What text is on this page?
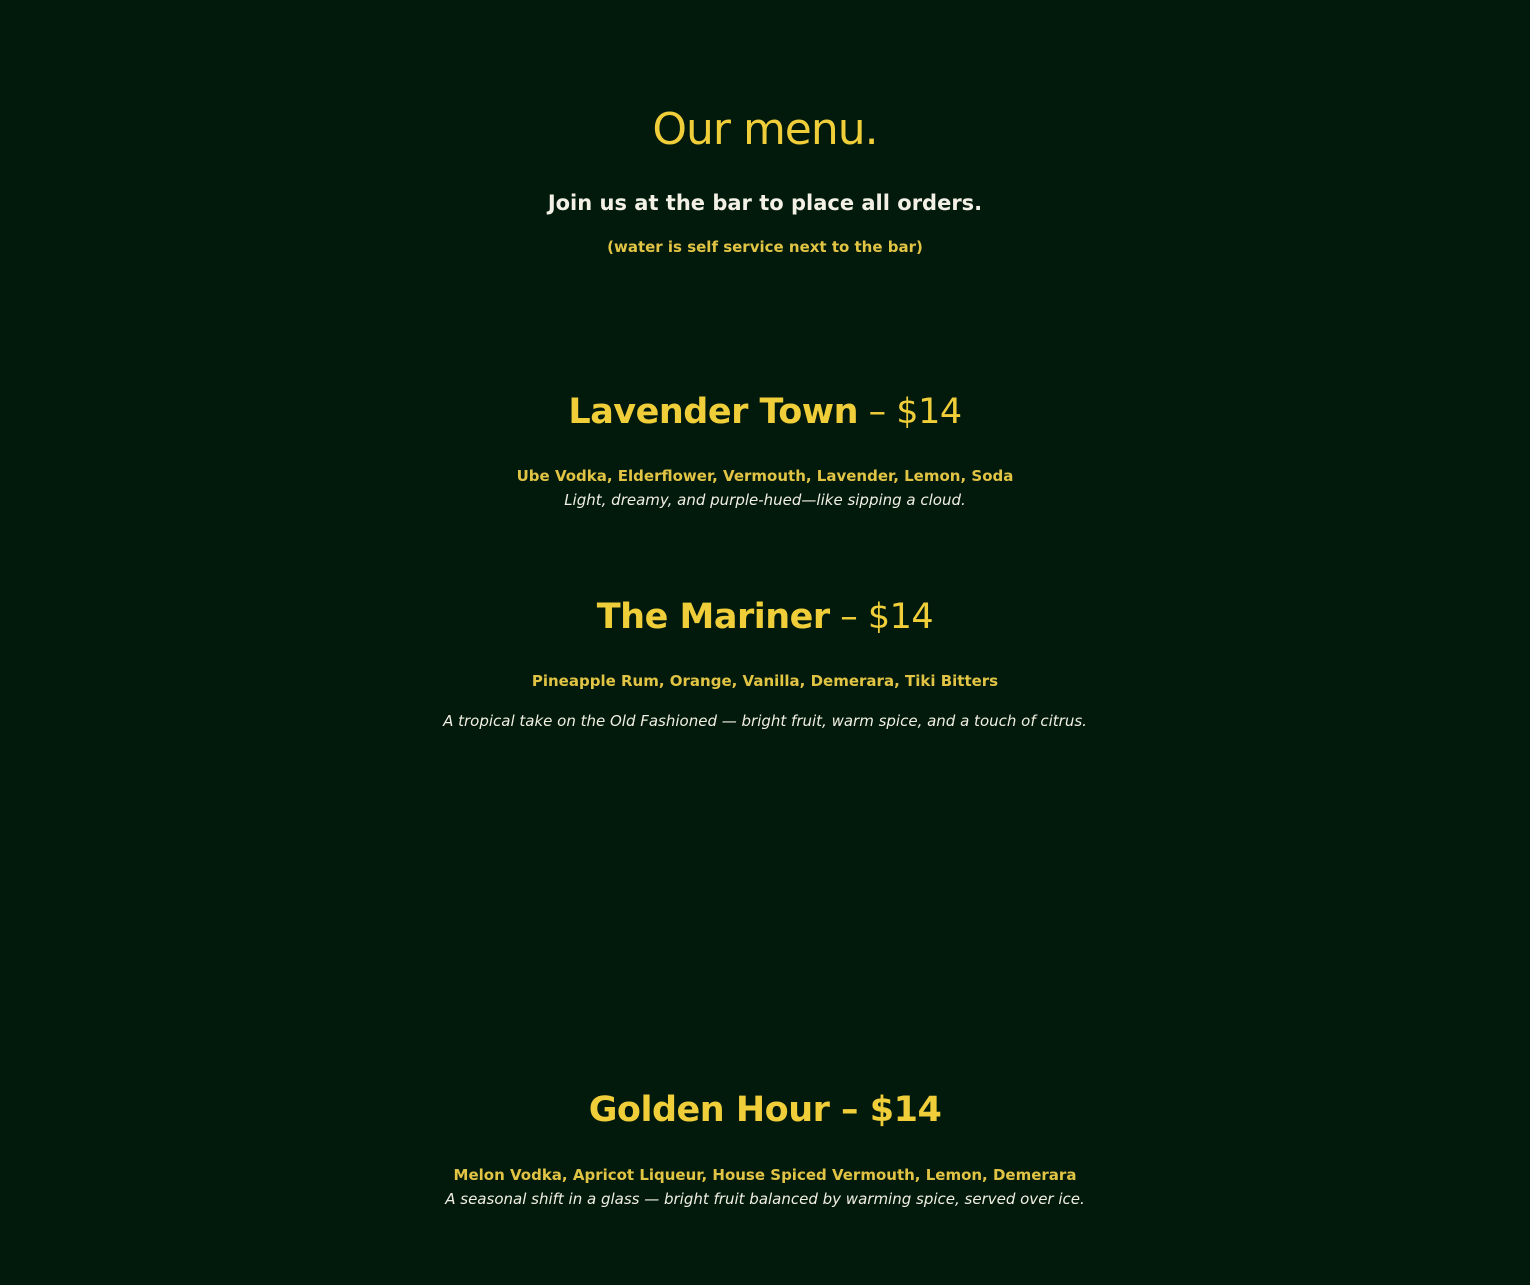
Our menu.
Join us at the bar to place all orders.
(water is self service next to the bar)
Lavender Town – $14
Ube Vodka, Elderflower, Vermouth, Lavender, Lemon, Soda
Light, dreamy, and purple-hued—like sipping a cloud.
The Mariner – $14
Pineapple Rum, Orange, Vanilla, Demerara, Tiki Bitters
A tropical take on the Old Fashioned — bright fruit, warm spice, and a touch of citrus.
Golden Hour – $14
Melon Vodka, Apricot Liqueur, House Spiced Vermouth, Lemon, Demerara
A seasonal shift in a glass — bright fruit balanced by warming spice, served over ice.
